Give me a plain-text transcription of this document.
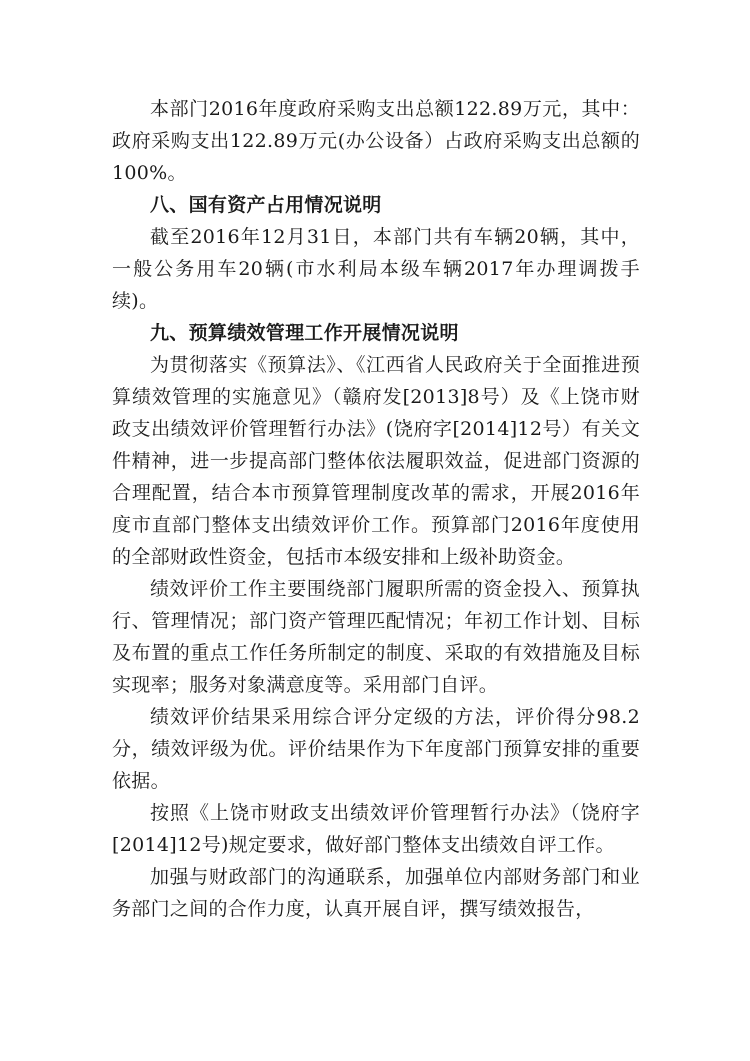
本部门2016年度政府采购支出总额122.89万元，其中：政府采购支出122.89万元(办公设备）占政府采购支出总额的100%。

八、国有资产占用情况说明

截至2016年12月31日，本部门共有车辆20辆，其中，一般公务用车20辆(市水利局本级车辆2017年办理调拨手续)。

九、预算绩效管理工作开展情况说明

为贯彻落实《预算法》、《江西省人民政府关于全面推进预算绩效管理的实施意见》（赣府发[2013]8号）及《上饶市财政支出绩效评价管理暂行办法》(饶府字[2014]12号）有关文件精神，进一步提高部门整体依法履职效益，促进部门资源的合理配置，结合本市预算管理制度改革的需求，开展2016年度市直部门整体支出绩效评价工作。预算部门2016年度使用的全部财政性资金，包括市本级安排和上级补助资金。

绩效评价工作主要围绕部门履职所需的资金投入、预算执行、管理情况；部门资产管理匹配情况；年初工作计划、目标及布置的重点工作任务所制定的制度、采取的有效措施及目标实现率；服务对象满意度等。采用部门自评。

绩效评价结果采用综合评分定级的方法，评价得分98.2分，绩效评级为优。评价结果作为下年度部门预算安排的重要依据。

按照《上饶市财政支出绩效评价管理暂行办法》（饶府字[2014]12号)规定要求，做好部门整体支出绩效自评工作。

加强与财政部门的沟通联系，加强单位内部财务部门和业务部门之间的合作力度，认真开展自评，撰写绩效报告，
